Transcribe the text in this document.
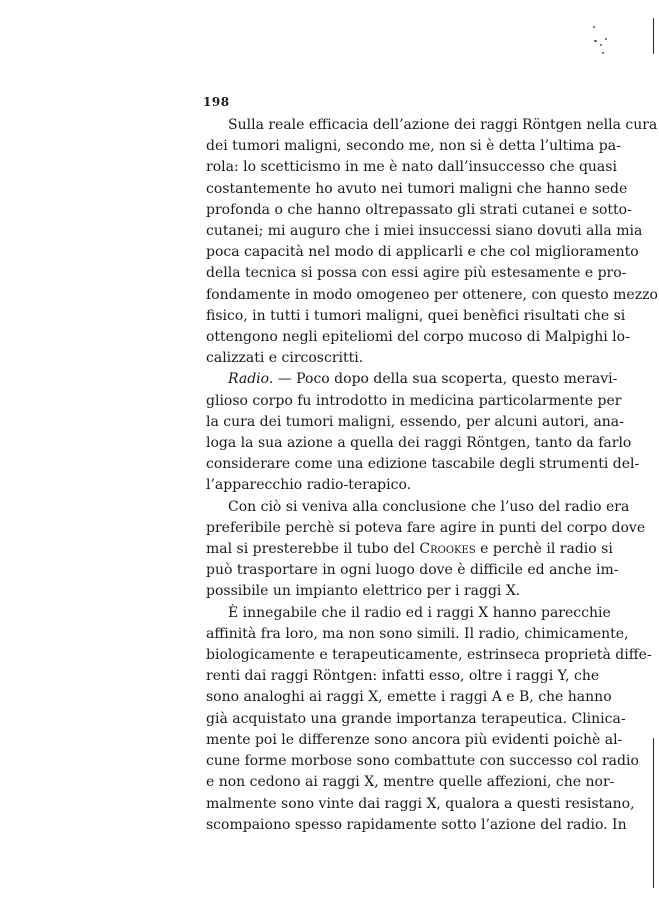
198

Sulla reale efficacia dell’azione dei raggi Röntgen nella cura
dei tumori maligni, secondo me, non si è detta l’ultima pa-
rola: lo scetticismo in me è nato dall’insuccesso che quasi
costantemente ho avuto nei tumori maligni che hanno sede
profonda o che hanno oltrepassato gli strati cutanei e sotto-
cutanei; mi auguro che i miei insuccessi siano dovuti alla mia
poca capacità nel modo di applicarli e che col miglioramento
della tecnica si possa con essi agire più estesamente e pro-
fondamente in modo omogeneo per ottenere, con questo mezzo
fisico, in tutti i tumori maligni, quei benèfici risultati che si
ottengono negli epiteliomi del corpo mucoso di Malpighi lo-
calizzati e circoscritti.

Radio. — Poco dopo della sua scoperta, questo meravi-
glioso corpo fu introdotto in medicina particolarmente per
la cura dei tumori maligni, essendo, per alcuni autori, ana-
loga la sua azione a quella dei raggi Röntgen, tanto da farlo
considerare come una edizione tascabile degli strumenti del-
l’apparecchio radio-terapico.

Con ciò si veniva alla conclusione che l’uso del radio era
preferibile perchè si poteva fare agire in punti del corpo dove
mal si presterebbe il tubo del Crookes e perchè il radio si
può trasportare in ogni luogo dove è difficile ed anche im-
possibile un impianto elettrico per i raggi X.

È innegabile che il radio ed i raggi X hanno parecchie
affinità fra loro, ma non sono simili. Il radio, chimicamente,
biologicamente e terapeuticamente, estrinseca proprietà diffe-
renti dai raggi Röntgen: infatti esso, oltre i raggi Y, che
sono analoghi ai raggi X, emette i raggi A e B, che hanno
già acquistato una grande importanza terapeutica. Clinica-
mente poi le differenze sono ancora più evidenti poichè al-
cune forme morbose sono combattute con successo col radio
e non cedono ai raggi X, mentre quelle affezioni, che nor-
malmente sono vinte dai raggi X, qualora a questi resistano,
scompaiono spesso rapidamente sotto l’azione del radio. In
